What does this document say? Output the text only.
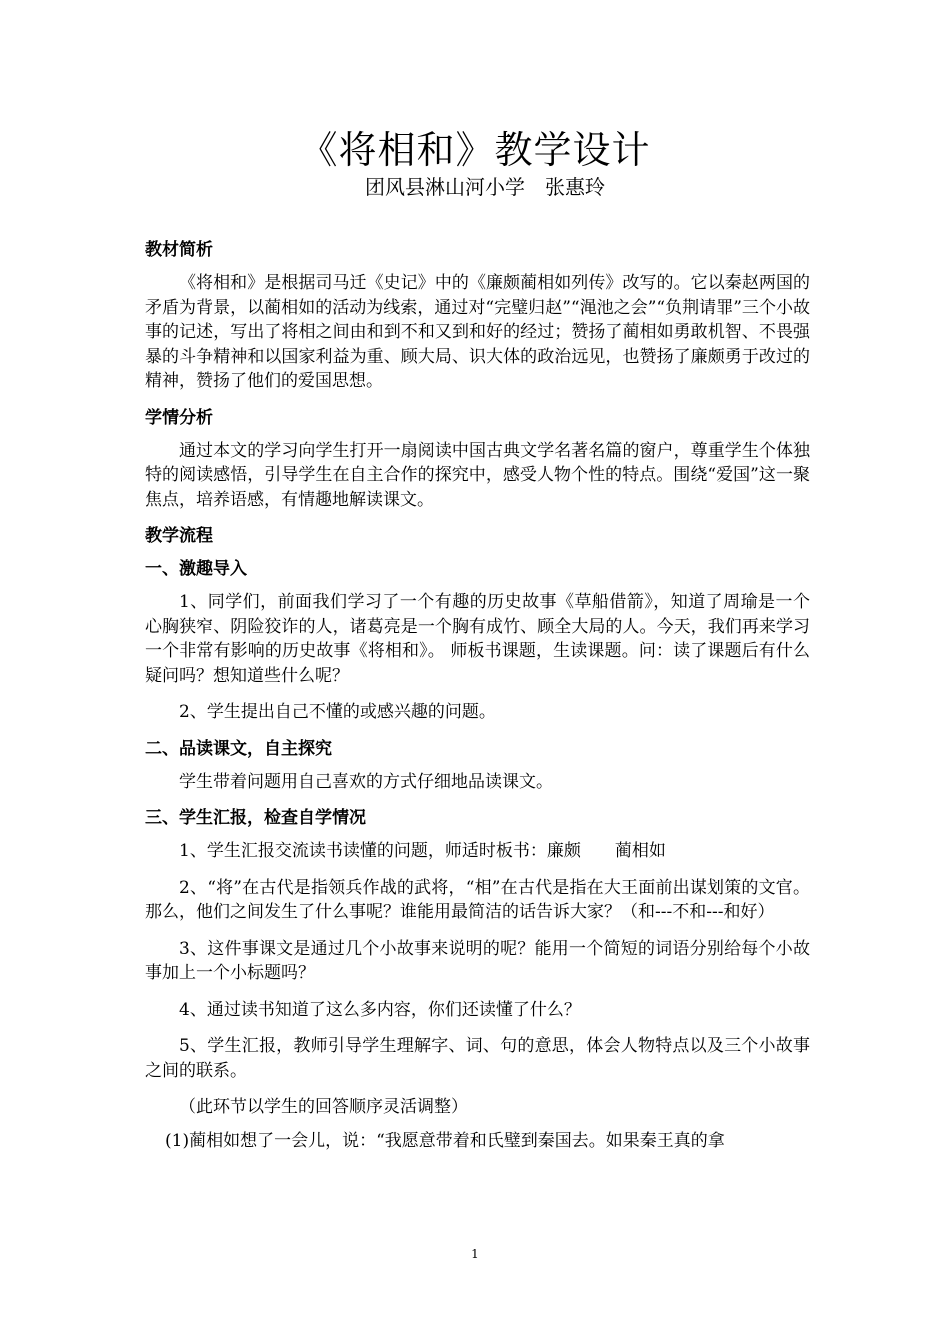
《将相和》教学设计
团风县淋山河小学　张惠玲
教材简析
《将相和》是根据司马迁《史记》中的《廉颇蔺相如列传》改写的。它以秦赵两国的矛盾为背景，以蔺相如的活动为线索，通过对“完璧归赵”“渑池之会”“负荆请罪”三个小故事的记述，写出了将相之间由和到不和又到和好的经过；赞扬了蔺相如勇敢机智、不畏强暴的斗争精神和以国家利益为重、顾大局、识大体的政治远见，也赞扬了廉颇勇于改过的精神，赞扬了他们的爱国思想。
学情分析
通过本文的学习向学生打开一扇阅读中国古典文学名著名篇的窗户，尊重学生个体独特的阅读感悟，引导学生在自主合作的探究中，感受人物个性的特点。围绕“爱国”这一聚焦点，培养语感，有情趣地解读课文。
教学流程
一、激趣导入
1、同学们，前面我们学习了一个有趣的历史故事《草船借箭》，知道了周瑜是一个心胸狭窄、阴险狡诈的人，诸葛亮是一个胸有成竹、顾全大局的人。今天，我们再来学习一个非常有影响的历史故事《将相和》。 师板书课题，生读课题。问：读了课题后有什么疑问吗？想知道些什么呢？
2、学生提出自己不懂的或感兴趣的问题。
二、品读课文，自主探究
学生带着问题用自己喜欢的方式仔细地品读课文。
三、学生汇报，检查自学情况
1、学生汇报交流读书读懂的问题，师适时板书：廉颇　　蔺相如
2、“将”在古代是指领兵作战的武将，“相”在古代是指在大王面前出谋划策的文官。那么，他们之间发生了什么事呢？谁能用最简洁的话告诉大家？（和---不和---和好）
3、这件事课文是通过几个小故事来说明的呢？能用一个简短的词语分别给每个小故事加上一个小标题吗？
4、通过读书知道了这么多内容，你们还读懂了什么？
5、学生汇报，教师引导学生理解字、词、句的意思，体会人物特点以及三个小故事之间的联系。
（此环节以学生的回答顺序灵活调整）
(1)蔺相如想了一会儿，说：“我愿意带着和氏璧到秦国去。如果秦王真的拿
1
